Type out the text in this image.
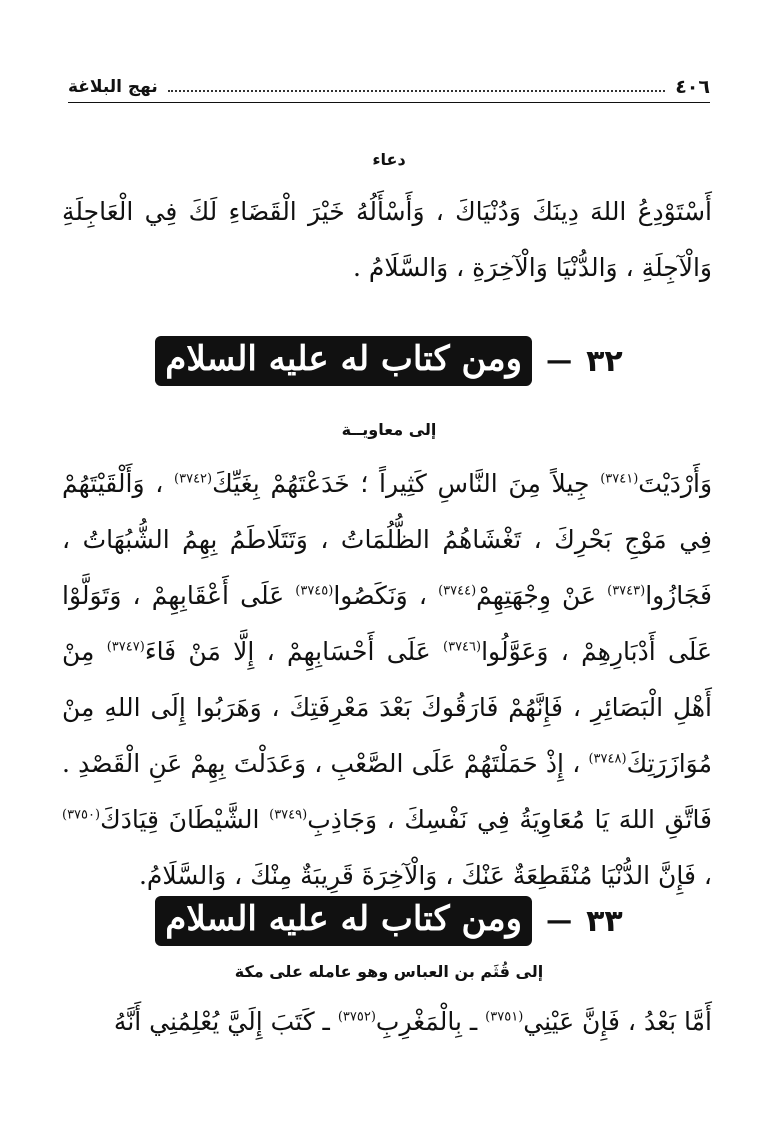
٤٠٦
نهج البلاغة
دعاء
أَسْتَوْدِعُ اللهَ دِينَكَ وَدُنْيَاكَ ، وَأَسْأَلُهُ خَيْرَ الْقَضَاءِ لَكَ فِي الْعَاجِلَةِ وَالْآجِلَةِ ، وَالدُّنْيَا وَالْآخِرَةِ ، وَالسَّلَامُ .
٣٢
—
ومن كتاب له عليه السلام
إلى معاويــة
وَأَرْدَيْتَ$^{(٣٧٤١)}$ جِيلاً مِنَ النَّاسِ كَثِيراً ؛ خَدَعْتَهُمْ بِغَيِّكَ$^{(٣٧٤٢)}$ ، وَأَلْقَيْتَهُمْ فِي مَوْجِ بَحْرِكَ ، تَغْشَاهُمُ الظُّلُمَاتُ ، وَتَتَلَاطَمُ بِهِمُ الشُّبُهَاتُ ، فَجَازُوا$^{(٣٧٤٣)}$ عَنْ وِجْهَتِهِمْ$^{(٣٧٤٤)}$ ، وَنَكَصُوا$^{(٣٧٤٥)}$ عَلَى أَعْقَابِهِمْ ، وَتَوَلَّوْا عَلَى أَدْبَارِهِمْ ، وَعَوَّلُوا$^{(٣٧٤٦)}$ عَلَى أَحْسَابِهِمْ ، إِلَّا مَنْ فَاءَ$^{(٣٧٤٧)}$ مِنْ أَهْلِ الْبَصَائِرِ ، فَإِنَّهُمْ فَارَقُوكَ بَعْدَ مَعْرِفَتِكَ ، وَهَرَبُوا إِلَى اللهِ مِنْ مُوَازَرَتِكَ$^{(٣٧٤٨)}$ ، إِذْ حَمَلْتَهُمْ عَلَى الصَّعْبِ ، وَعَدَلْتَ بِهِمْ عَنِ الْقَصْدِ . فَاتَّقِ اللهَ يَا مُعَاوِيَةُ فِي نَفْسِكَ ، وَجَاذِبِ$^{(٣٧٤٩)}$ الشَّيْطَانَ قِيَادَكَ$^{(٣٧٥٠)}$ ، فَإِنَّ الدُّنْيَا مُنْقَطِعَةٌ عَنْكَ ، وَالْآخِرَةَ قَرِيبَةٌ مِنْكَ ، وَالسَّلَامُ.
٣٣
—
ومن كتاب له عليه السلام
إلى قُثَم بن العباس وهو عامله على مكة
أَمَّا بَعْدُ ، فَإِنَّ عَيْنِي$^{(٣٧٥١)}$ ـ بِالْمَغْرِبِ$^{(٣٧٥٢)}$ ـ كَتَبَ إِلَيَّ يُعْلِمُنِي أَنَّهُ
